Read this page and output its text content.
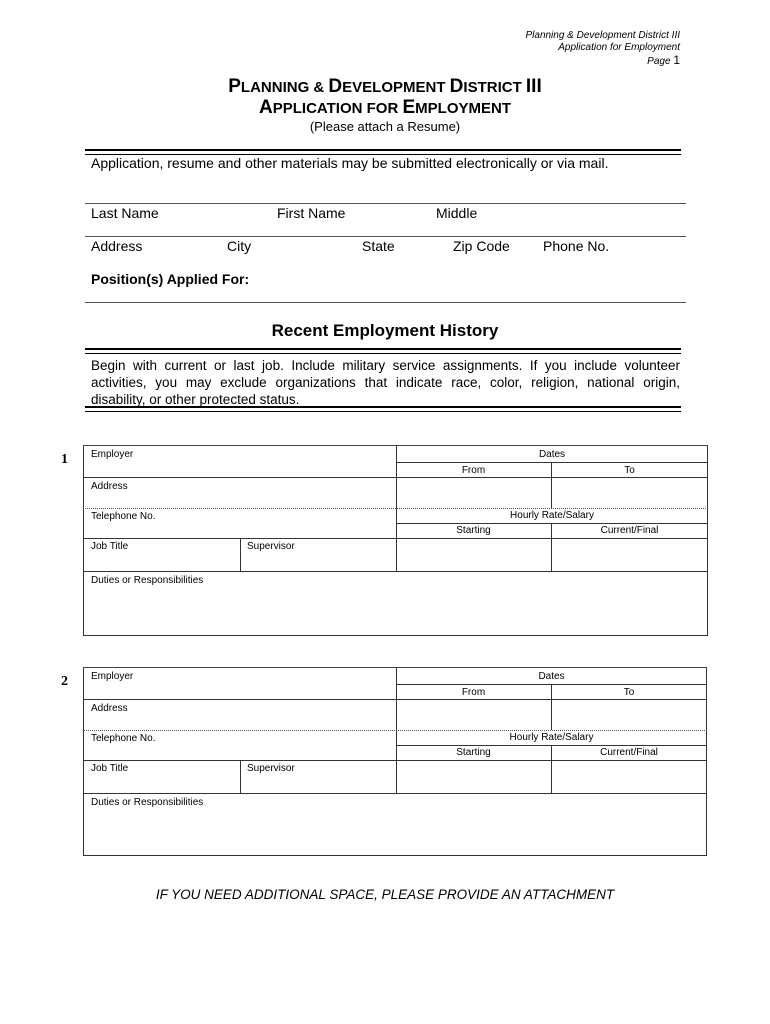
Planning & Development District III
Application for Employment
Page 1
PLANNING & DEVELOPMENT DISTRICT III
APPLICATION FOR EMPLOYMENT
(Please attach a Resume)
Application, resume and other materials may be submitted electronically or via mail.
Last Name	First Name	Middle
Address	City	State	Zip Code Phone No.
Position(s) Applied For:
Recent Employment History
Begin with current or last job. Include military service assignments. If you include volunteer activities, you may exclude organizations that indicate race, color, religion, national origin, disability, or other protected status.
1 Employer	Dates
From	To
Address
Telephone No.	Hourly Rate/Salary
Starting	Current/Final
Job Title	Supervisor
Duties or Responsibilities
2 Employer	Dates
From	To
Address
Telephone No.	Hourly Rate/Salary
Starting	Current/Final
Job Title	Supervisor
Duties or Responsibilities
IF YOU NEED ADDITIONAL SPACE, PLEASE PROVIDE AN ATTACHMENT
